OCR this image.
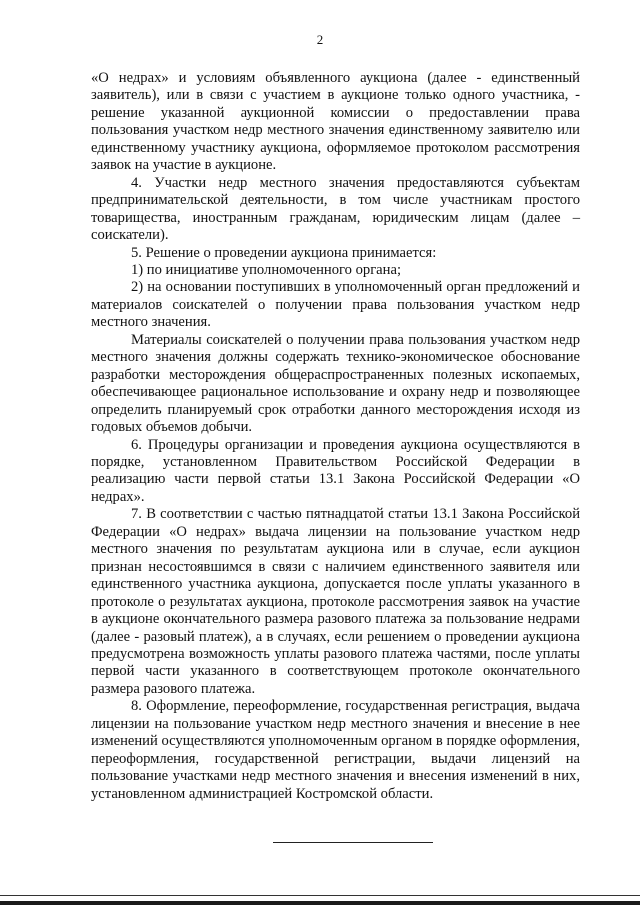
2

«О недрах» и условиям объявленного аукциона (далее - единственный заявитель), или в связи с участием в аукционе только одного участника, - решение указанной аукционной комиссии о предоставлении права пользования участком недр местного значения единственному заявителю или единственному участнику аукциона, оформляемое протоколом рассмотрения заявок на участие в аукционе.

4. Участки недр местного значения предоставляются субъектам предпринимательской деятельности, в том числе участникам простого товарищества, иностранным гражданам, юридическим лицам (далее – соискатели).

5. Решение о проведении аукциона принимается:

1) по инициативе уполномоченного органа;

2) на основании поступивших в уполномоченный орган предложений и материалов соискателей о получении права пользования участком недр местного значения.

Материалы соискателей о получении права пользования участком недр местного значения должны содержать технико-экономическое обоснование разработки месторождения общераспространенных полезных ископаемых, обеспечивающее рациональное использование и охрану недр и позволяющее определить планируемый срок отработки данного месторождения исходя из годовых объемов добычи.

6. Процедуры организации и проведения аукциона осуществляются в порядке, установленном Правительством Российской Федерации в реализацию части первой статьи 13.1 Закона Российской Федерации «О недрах».

7. В соответствии с частью пятнадцатой статьи 13.1 Закона Российской Федерации «О недрах» выдача лицензии на пользование участком недр местного значения по результатам аукциона или в случае, если аукцион признан несостоявшимся в связи с наличием единственного заявителя или единственного участника аукциона, допускается после уплаты указанного в протоколе о результатах аукциона, протоколе рассмотрения заявок на участие в аукционе окончательного размера разового платежа за пользование недрами (далее - разовый платеж), а в случаях, если решением о проведении аукциона предусмотрена возможность уплаты разового платежа частями, после уплаты первой части указанного в соответствующем протоколе окончательного размера разового платежа.

8. Оформление, переоформление, государственная регистрация, выдача лицензии на пользование участком недр местного значения и внесение в нее изменений осуществляются уполномоченным органом в порядке оформления, переоформления, государственной регистрации, выдачи лицензий на пользование участками недр местного значения и внесения изменений в них, установленном администрацией Костромской области.
